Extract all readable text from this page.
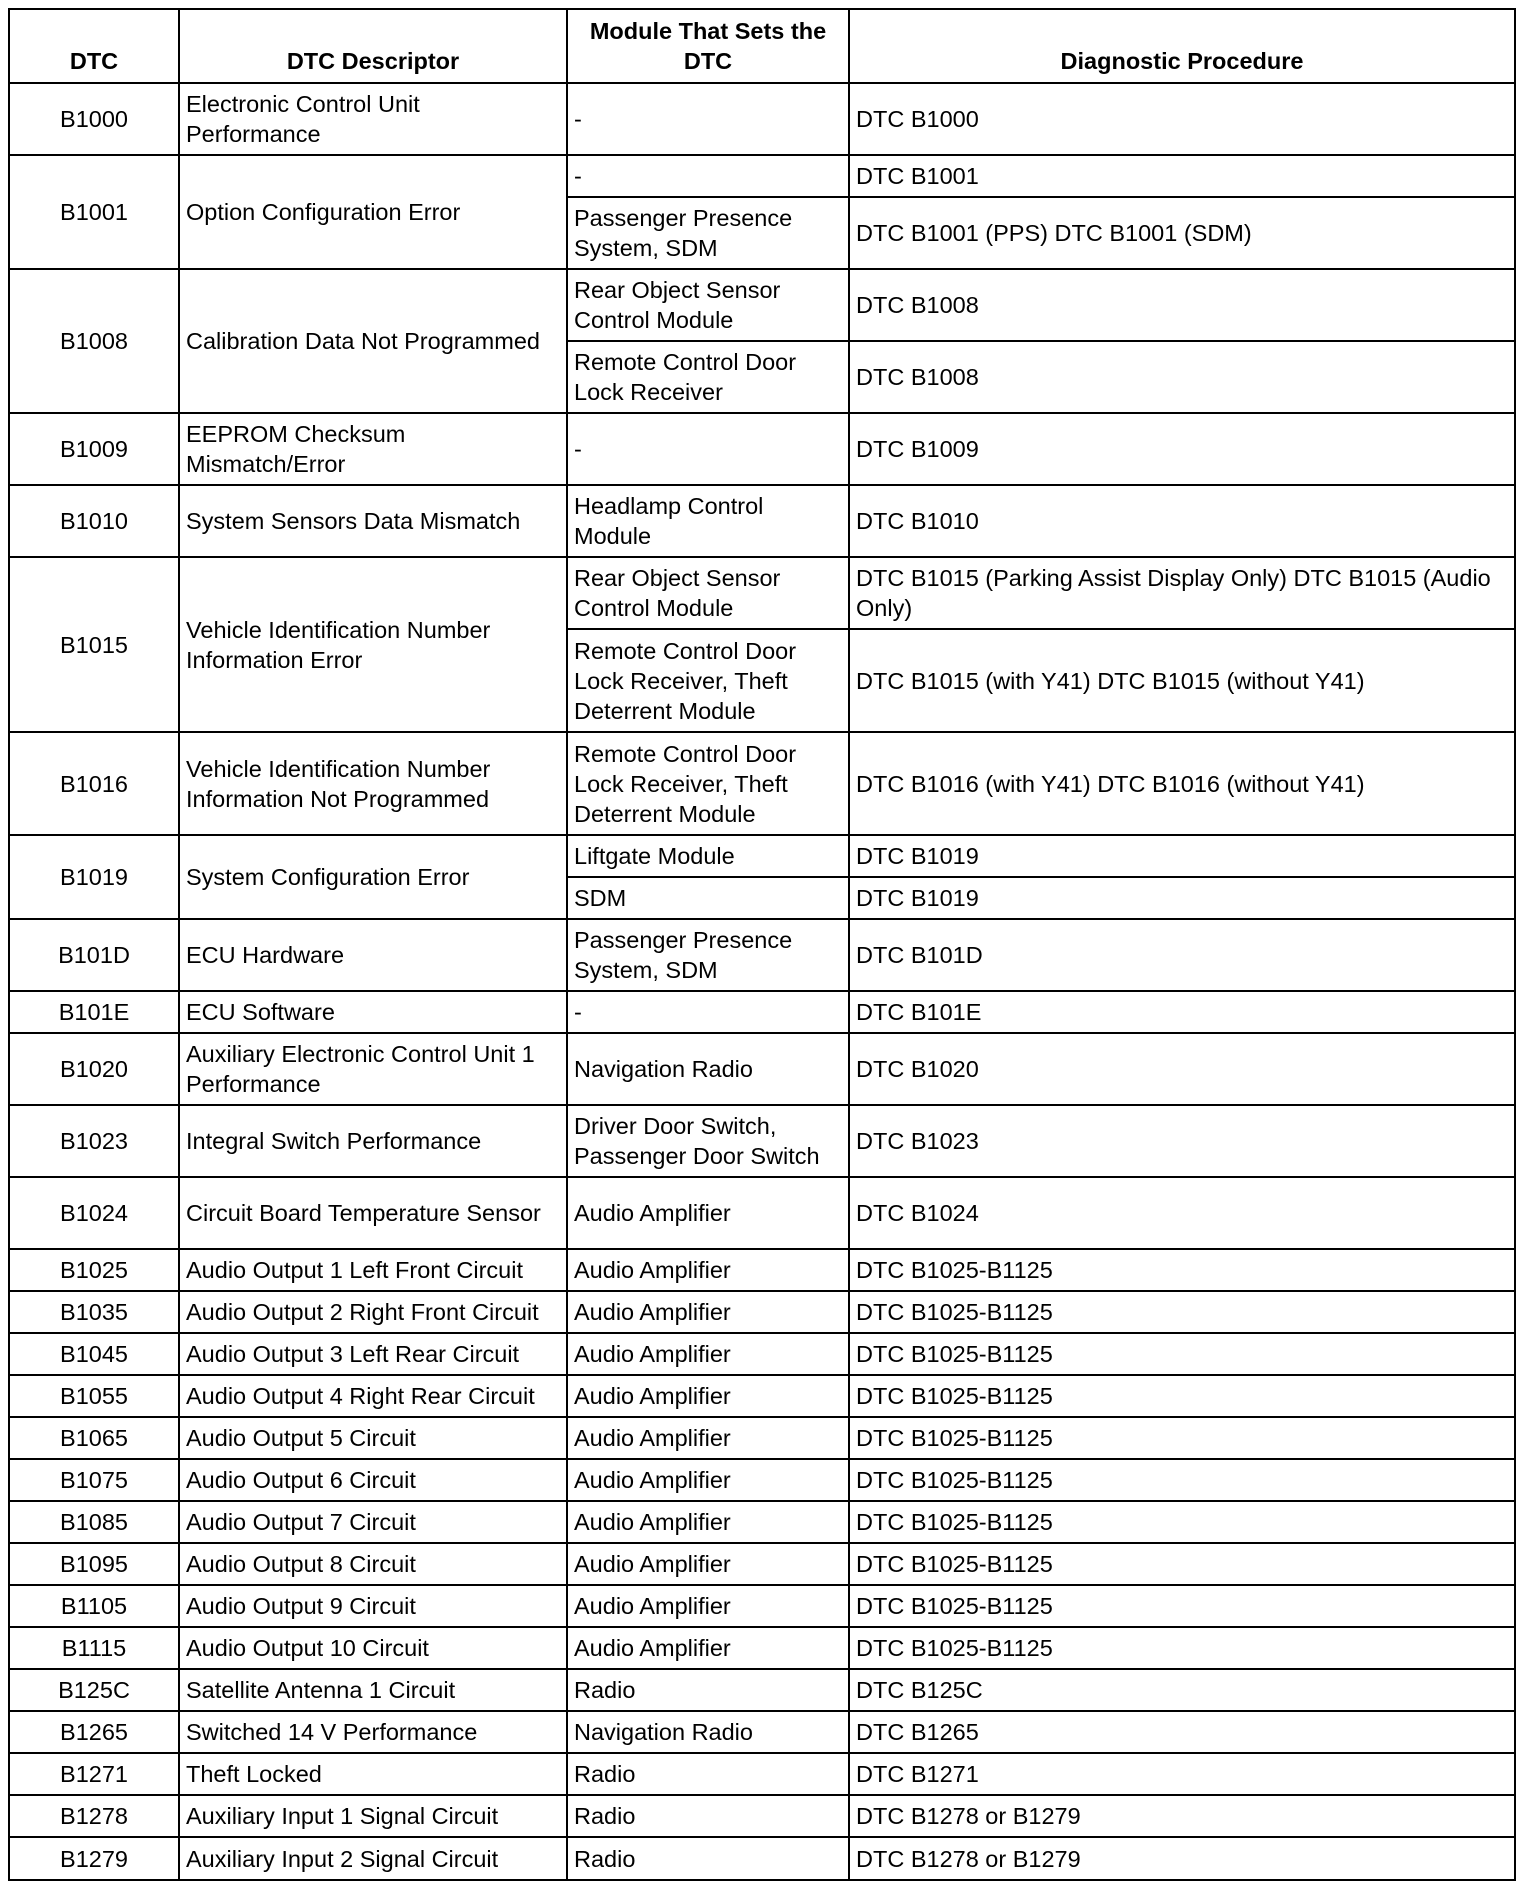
DTC	DTC Descriptor	Module That Sets the DTC	Diagnostic Procedure
B1000	Electronic Control Unit Performance	-	DTC B1000
B1001	Option Configuration Error	-	DTC B1001
		Passenger Presence System, SDM	DTC B1001 (PPS) DTC B1001 (SDM)
B1008	Calibration Data Not Programmed	Rear Object Sensor Control Module	DTC B1008
		Remote Control Door Lock Receiver	DTC B1008
B1009	EEPROM Checksum Mismatch/Error	-	DTC B1009
B1010	System Sensors Data Mismatch	Headlamp Control Module	DTC B1010
B1015	Vehicle Identification Number Information Error	Rear Object Sensor Control Module	DTC B1015 (Parking Assist Display Only) DTC B1015 (Audio Only)
		Remote Control Door Lock Receiver, Theft Deterrent Module	DTC B1015 (with Y41) DTC B1015 (without Y41)
B1016	Vehicle Identification Number Information Not Programmed	Remote Control Door Lock Receiver, Theft Deterrent Module	DTC B1016 (with Y41) DTC B1016 (without Y41)
B1019	System Configuration Error	Liftgate Module	DTC B1019
		SDM	DTC B1019
B101D	ECU Hardware	Passenger Presence System, SDM	DTC B101D
B101E	ECU Software	-	DTC B101E
B1020	Auxiliary Electronic Control Unit 1 Performance	Navigation Radio	DTC B1020
B1023	Integral Switch Performance	Driver Door Switch, Passenger Door Switch	DTC B1023
B1024	Circuit Board Temperature Sensor	Audio Amplifier	DTC B1024
B1025	Audio Output 1 Left Front Circuit	Audio Amplifier	DTC B1025-B1125
B1035	Audio Output 2 Right Front Circuit	Audio Amplifier	DTC B1025-B1125
B1045	Audio Output 3 Left Rear Circuit	Audio Amplifier	DTC B1025-B1125
B1055	Audio Output 4 Right Rear Circuit	Audio Amplifier	DTC B1025-B1125
B1065	Audio Output 5 Circuit	Audio Amplifier	DTC B1025-B1125
B1075	Audio Output 6 Circuit	Audio Amplifier	DTC B1025-B1125
B1085	Audio Output 7 Circuit	Audio Amplifier	DTC B1025-B1125
B1095	Audio Output 8 Circuit	Audio Amplifier	DTC B1025-B1125
B1105	Audio Output 9 Circuit	Audio Amplifier	DTC B1025-B1125
B1115	Audio Output 10 Circuit	Audio Amplifier	DTC B1025-B1125
B125C	Satellite Antenna 1 Circuit	Radio	DTC B125C
B1265	Switched 14 V Performance	Navigation Radio	DTC B1265
B1271	Theft Locked	Radio	DTC B1271
B1278	Auxiliary Input 1 Signal Circuit	Radio	DTC B1278 or B1279
B1279	Auxiliary Input 2 Signal Circuit	Radio	DTC B1278 or B1279
